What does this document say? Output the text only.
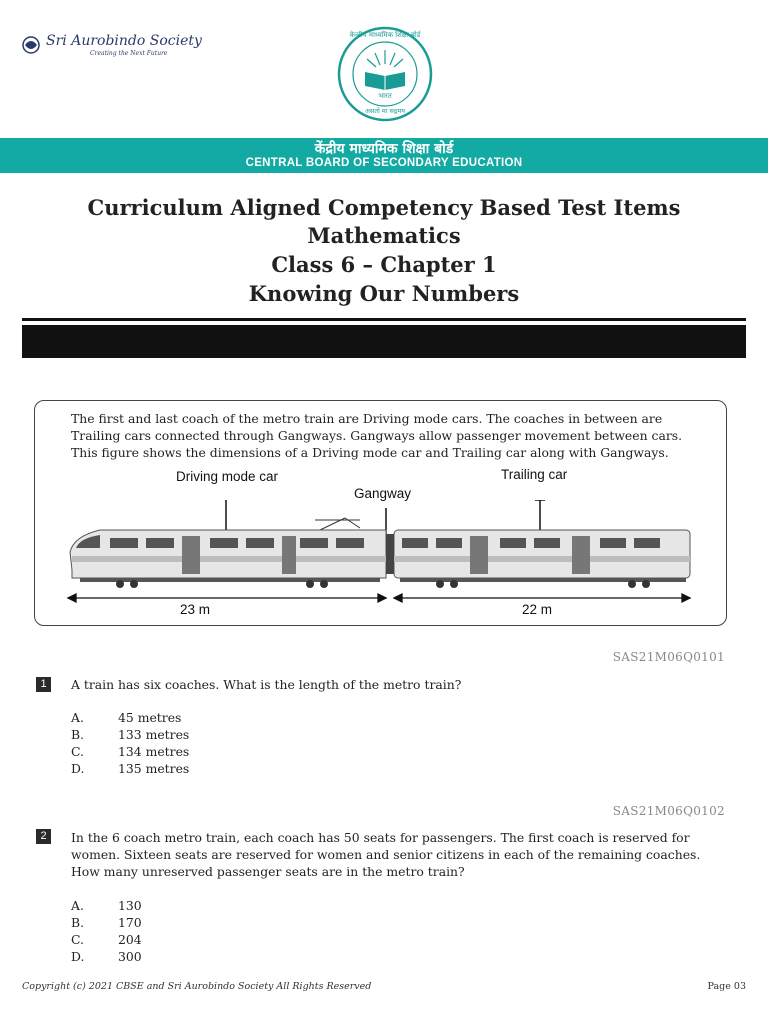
Sri Aurobindo Society
Creating the Next Future
केन्द्रीय माध्यमिक शिक्षा बोर्ड
भारत
असतो मा सद्गमय
केंद्रीय माध्यमिक शिक्षा बोर्ड
CENTRAL BOARD OF SECONDARY EDUCATION
Curriculum Aligned Competency Based Test Items
Mathematics
Class 6 – Chapter 1
Knowing Our Numbers
The first and last coach of the metro train are Driving mode cars. The coaches in between are
Trailing cars connected through Gangways. Gangways allow passenger movement between cars.
This figure shows the dimensions of a Driving mode car and Trailing car along with Gangways.
Driving mode car
Gangway
Trailing car
23 m	22 m
SAS21M06Q0101
1	A train has six coaches. What is the length of the metro train?
A.	45 metres
B.	133 metres
C.	134 metres
D.	135 metres
SAS21M06Q0102
2	In the 6 coach metro train, each coach has 50 seats for passengers. The first coach is reserved for
women. Sixteen seats are reserved for women and senior citizens in each of the remaining coaches.
How many unreserved passenger seats are in the metro train?
A.	130
B.	170
C.	204
D.	300
Copyright (c) 2021 CBSE and Sri Aurobindo Society All Rights Reserved	Page 03
